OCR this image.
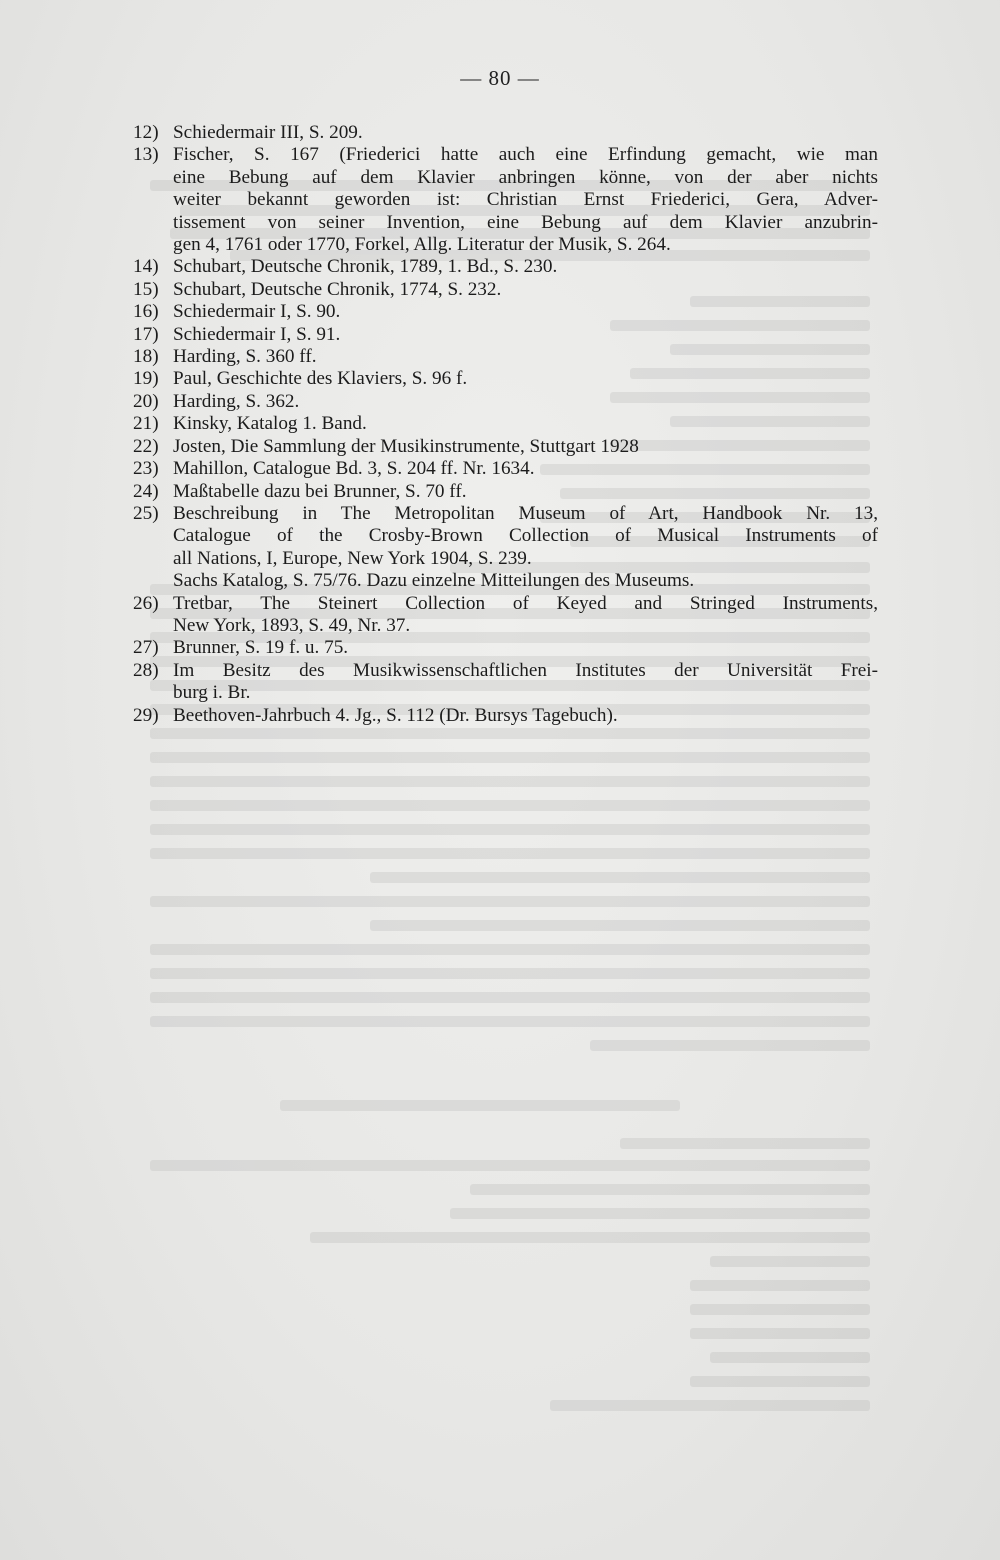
— 80 —
12) Schiedermair III, S. 209.
13) Fischer, S. 167 (Friederici hatte auch eine Erfindung gemacht, wie man
eine Bebung auf dem Klavier anbringen könne, von der aber nichts
weiter bekannt geworden ist: Christian Ernst Friederici, Gera, Adver-
tissement von seiner Invention, eine Bebung auf dem Klavier anzubrin-
gen 4, 1761 oder 1770, Forkel, Allg. Literatur der Musik, S. 264.
14) Schubart, Deutsche Chronik, 1789, 1. Bd., S. 230.
15) Schubart, Deutsche Chronik, 1774, S. 232.
16) Schiedermair I, S. 90.
17) Schiedermair I, S. 91.
18) Harding, S. 360 ff.
19) Paul, Geschichte des Klaviers, S. 96 f.
20) Harding, S. 362.
21) Kinsky, Katalog 1. Band.
22) Josten, Die Sammlung der Musikinstrumente, Stuttgart 1928
23) Mahillon, Catalogue Bd. 3, S. 204 ff. Nr. 1634.
24) Maßtabelle dazu bei Brunner, S. 70 ff.
25) Beschreibung in The Metropolitan Museum of Art, Handbook Nr. 13,
Catalogue of the Crosby-Brown Collection of Musical Instruments of
all Nations, I, Europe, New York 1904, S. 239.
Sachs Katalog, S. 75/76. Dazu einzelne Mitteilungen des Museums.
26) Tretbar, The Steinert Collection of Keyed and Stringed Instruments,
New York, 1893, S. 49, Nr. 37.
27) Brunner, S. 19 f. u. 75.
28) Im Besitz des Musikwissenschaftlichen Institutes der Universität Frei-
burg i. Br.
29) Beethoven-Jahrbuch 4. Jg., S. 112 (Dr. Bursys Tagebuch).
